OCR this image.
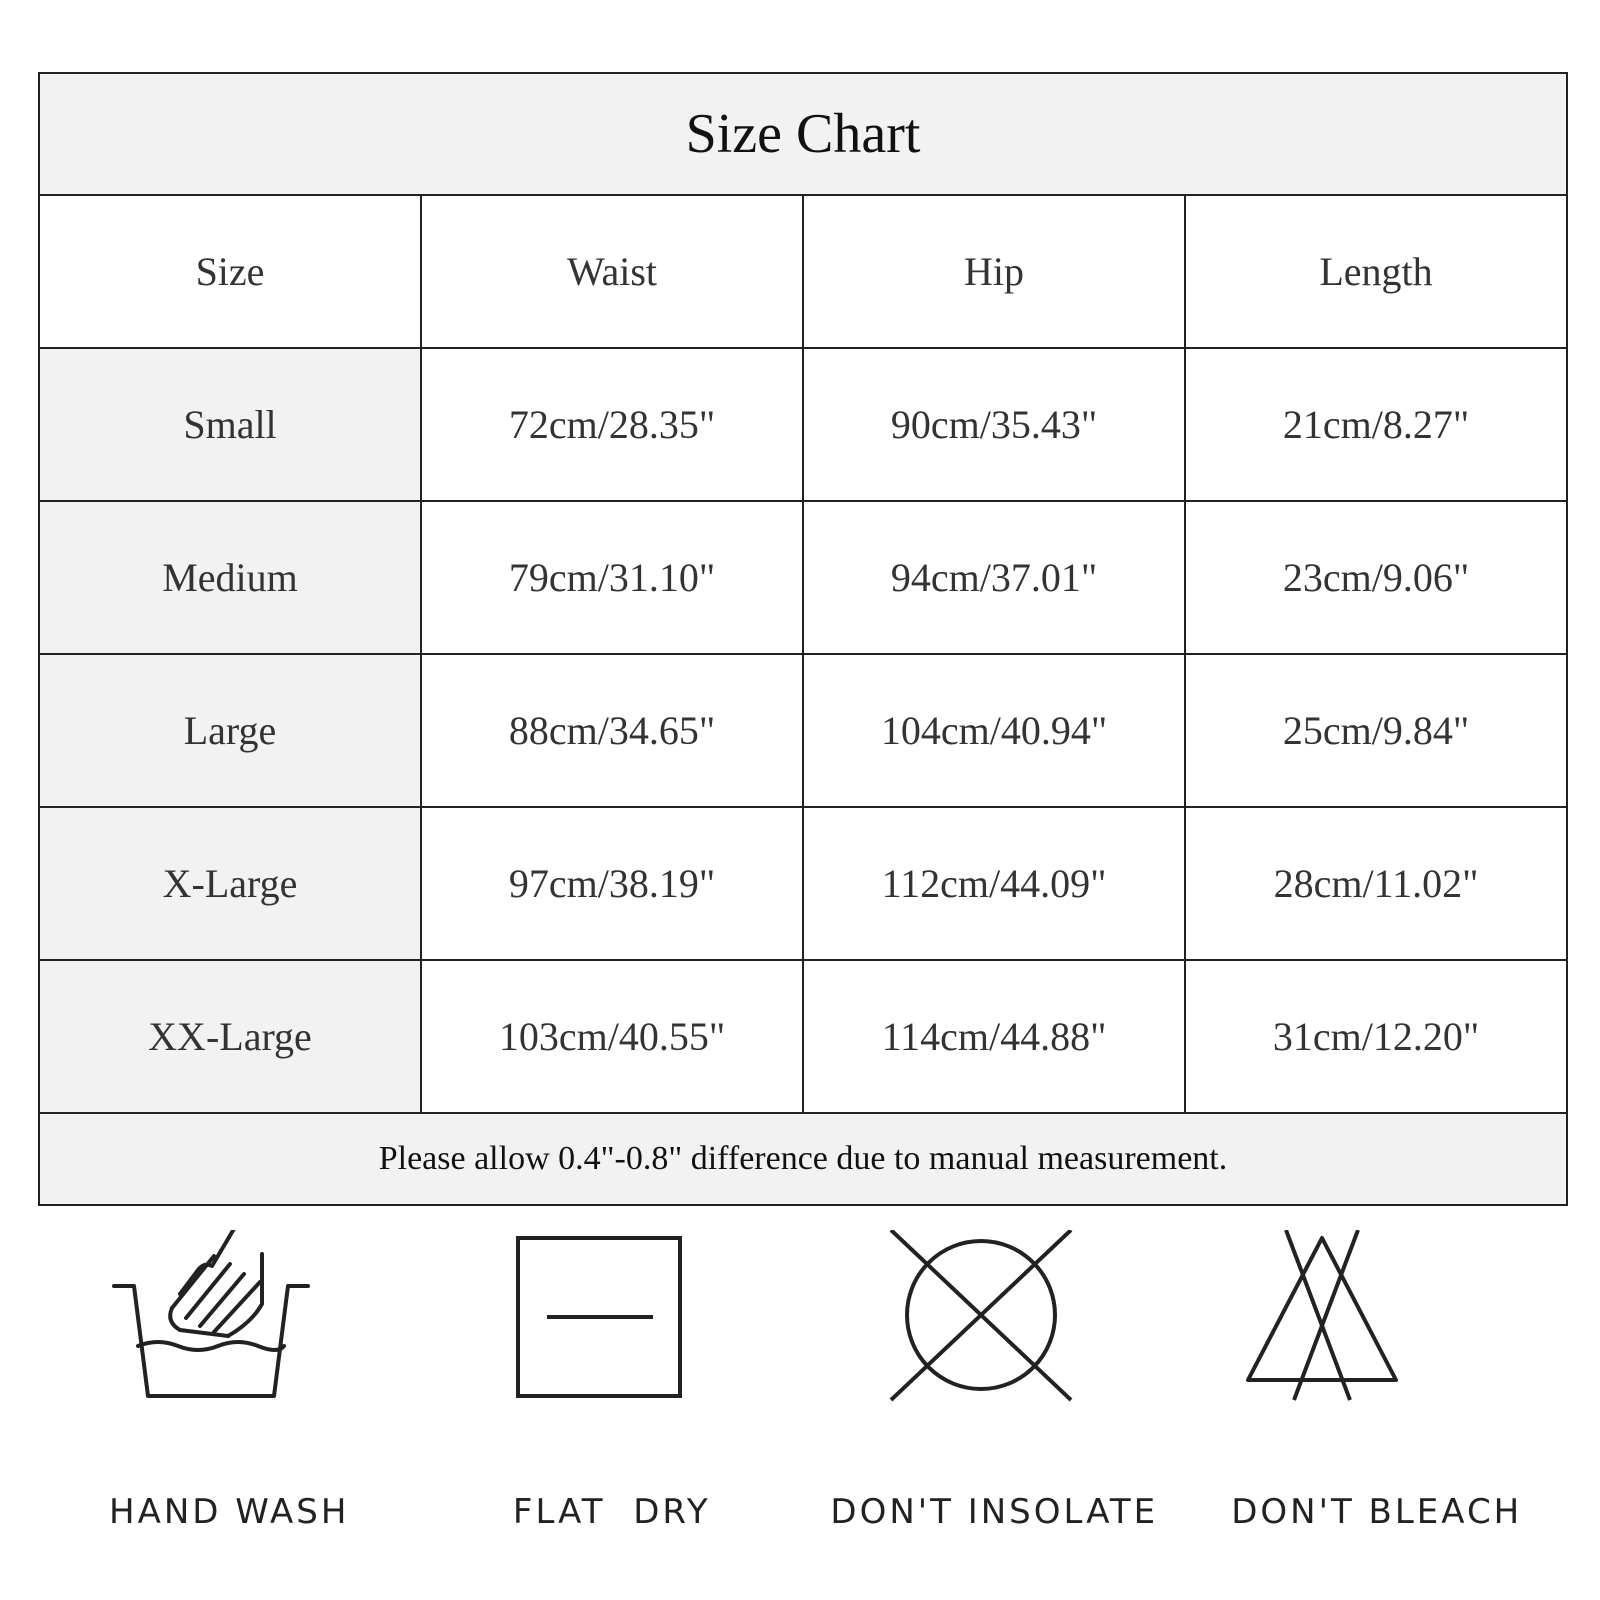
Size Chart			
Size	Waist	Hip	Length
Small	72cm/28.35"	90cm/35.43"	21cm/8.27"
Medium	79cm/31.10"	94cm/37.01"	23cm/9.06"
Large	88cm/34.65"	104cm/40.94"	25cm/9.84"
X-Large	97cm/38.19"	112cm/44.09"	28cm/11.02"
XX-Large	103cm/40.55"	114cm/44.88"	31cm/12.20"
Please allow 0.4"-0.8" difference due to manual measurement.			
HAND WASH	FLAT  DRY	DON'T INSOLATE	DON'T BLEACH
